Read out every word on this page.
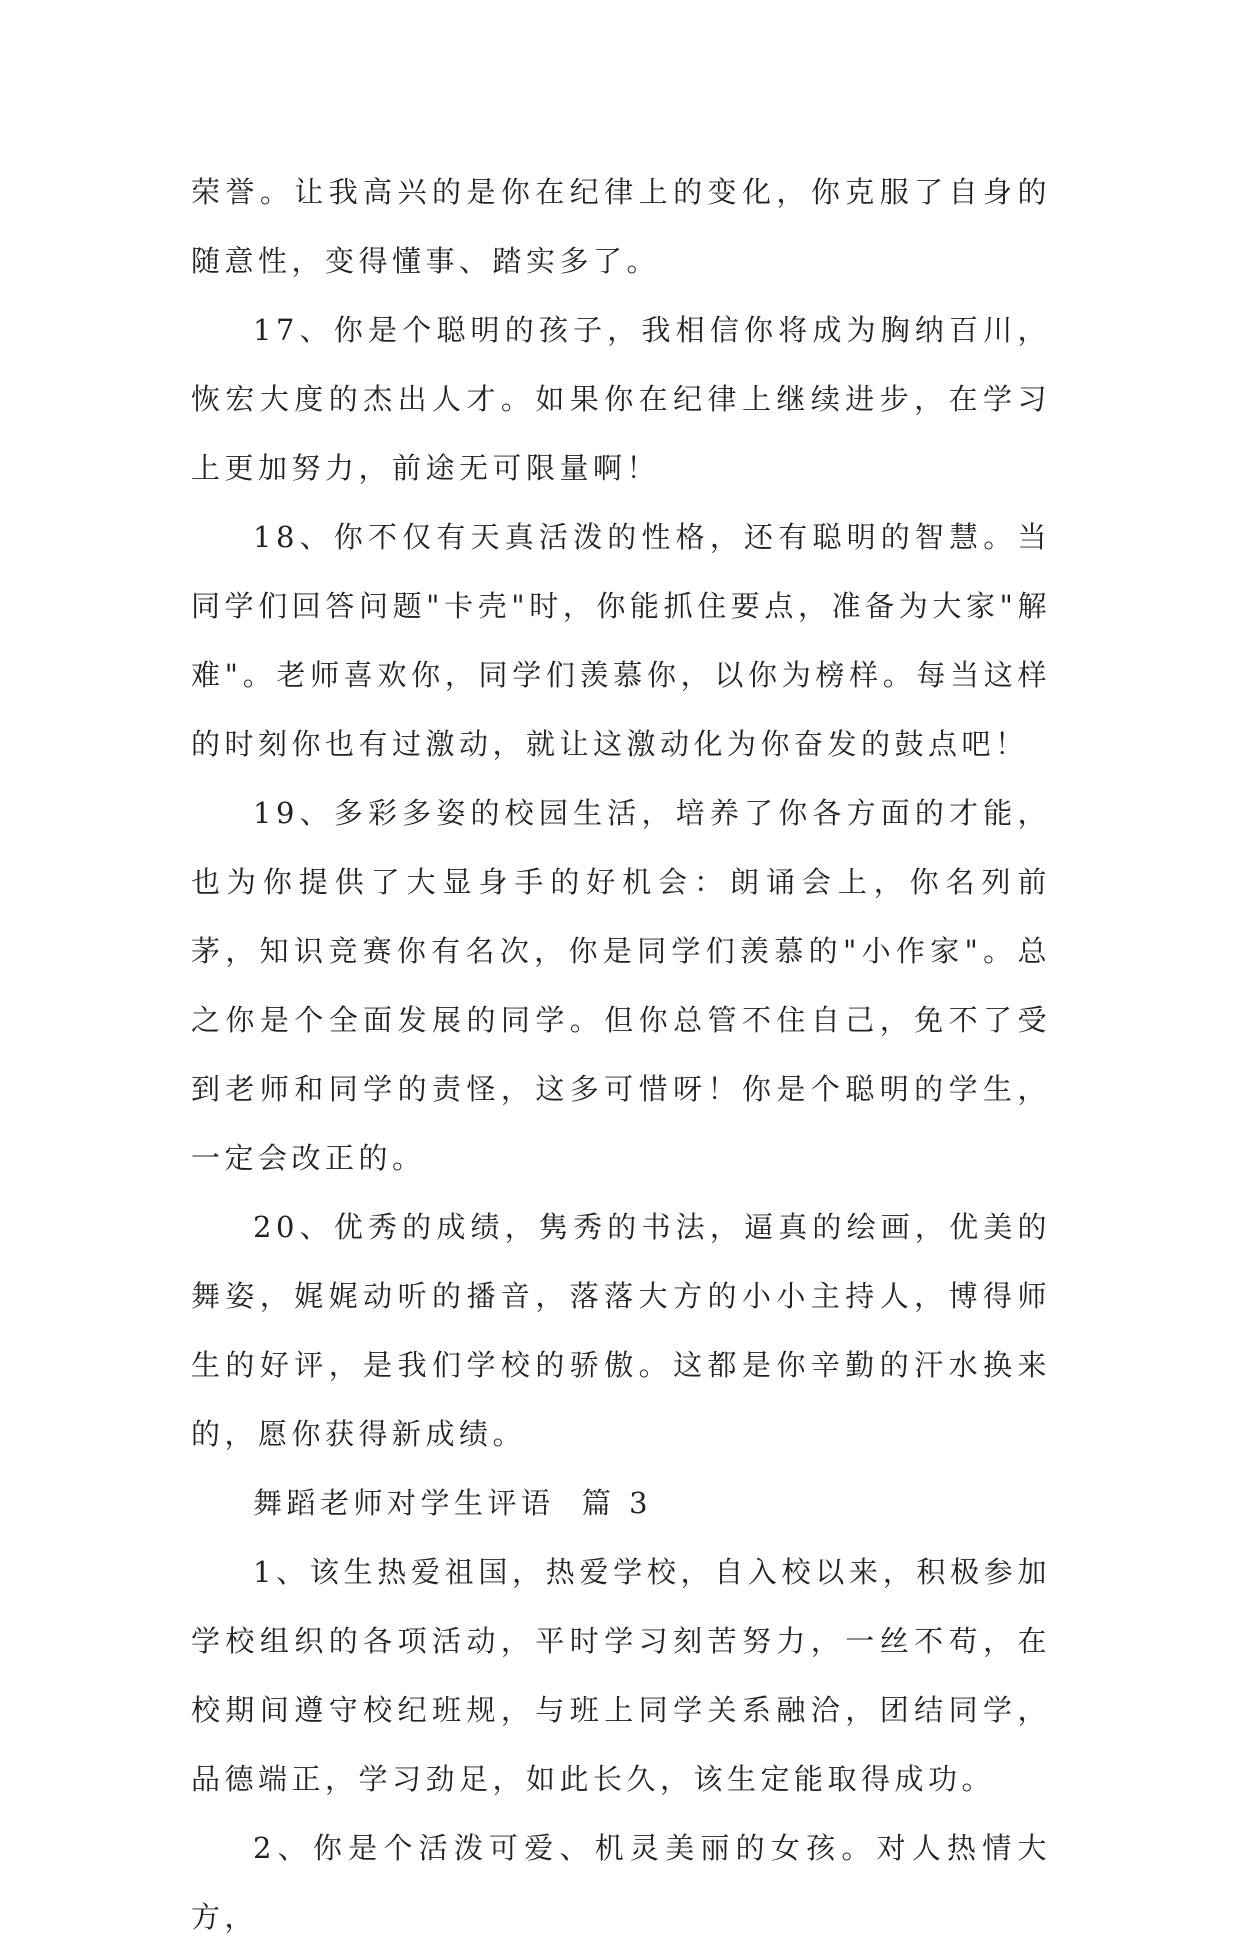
荣誉。让我高兴的是你在纪律上的变化，你克服了自身的随意性，变得懂事、踏实多了。

17、你是个聪明的孩子，我相信你将成为胸纳百川，恢宏大度的杰出人才。如果你在纪律上继续进步，在学习上更加努力，前途无可限量啊！

18、你不仅有天真活泼的性格，还有聪明的智慧。当同学们回答问题"卡壳"时，你能抓住要点，准备为大家"解难"。老师喜欢你，同学们羡慕你，以你为榜样。每当这样的时刻你也有过激动，就让这激动化为你奋发的鼓点吧！

19、多彩多姿的校园生活，培养了你各方面的才能，也为你提供了大显身手的好机会：朗诵会上，你名列前茅，知识竞赛你有名次，你是同学们羡慕的"小作家"。总之你是个全面发展的同学。但你总管不住自己，免不了受到老师和同学的责怪，这多可惜呀！你是个聪明的学生，一定会改正的。

20、优秀的成绩，隽秀的书法，逼真的绘画，优美的舞姿，娓娓动听的播音，落落大方的小小主持人，博得师生的好评，是我们学校的骄傲。这都是你辛勤的汗水换来的，愿你获得新成绩。

舞蹈老师对学生评语  篇 3

1、该生热爱祖国，热爱学校，自入校以来，积极参加学校组织的各项活动，平时学习刻苦努力，一丝不苟，在校期间遵守校纪班规，与班上同学关系融洽，团结同学，品德端正，学习劲足，如此长久，该生定能取得成功。

2、你是个活泼可爱、机灵美丽的女孩。对人热情大方，
